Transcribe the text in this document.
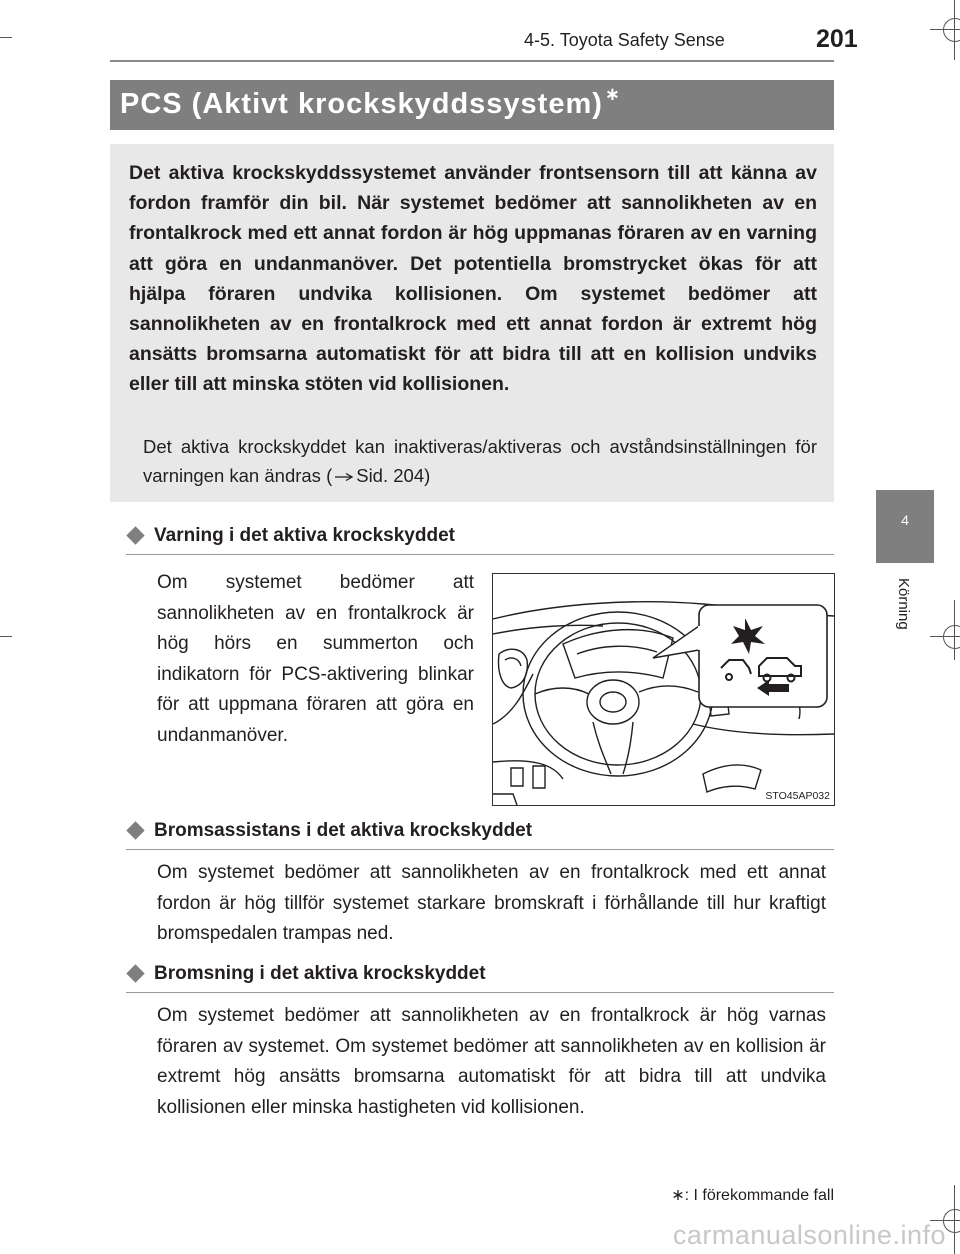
4-5. Toyota Safety Sense	201
PCS (Aktivt krockskyddssystem) ∗
Det aktiva krockskyddssystemet använder frontsensorn till att känna av fordon framför din bil. När systemet bedömer att sannolikheten av en frontalkrock med ett annat fordon är hög uppmanas föraren av en varning att göra en undanmanöver. Det potentiella bromstrycket ökas för att hjälpa föraren undvika kollisionen. Om systemet bedömer att sannolikheten av en frontalkrock med ett annat fordon är extremt hög ansätts bromsarna automatiskt för att bidra till att en kollision undviks eller till att minska stöten vid kollisionen.
Det aktiva krockskyddet kan inaktiveras/aktiveras och avståndsinställningen för varningen kan ändras ( Sid. 204)
4
Körning
Varning i det aktiva krockskyddet
Om systemet bedömer att sannolikheten av en frontalkrock är hög hörs en summerton och indikatorn för PCS-aktivering blinkar för att uppmana föraren att göra en undanmanöver.
STO45AP032
Bromsassistans i det aktiva krockskyddet
Om systemet bedömer att sannolikheten av en frontalkrock med ett annat fordon är hög tillför systemet starkare bromskraft i förhållande till hur kraftigt bromspedalen trampas ned.
Bromsning i det aktiva krockskyddet
Om systemet bedömer att sannolikheten av en frontalkrock är hög varnas föraren av systemet. Om systemet bedömer att sannolikheten av en kollision är extremt hög ansätts bromsarna automatiskt för att bidra till att undvika kollisionen eller minska hastigheten vid kollisionen.
∗: I förekommande fall
carmanualsonline.info
